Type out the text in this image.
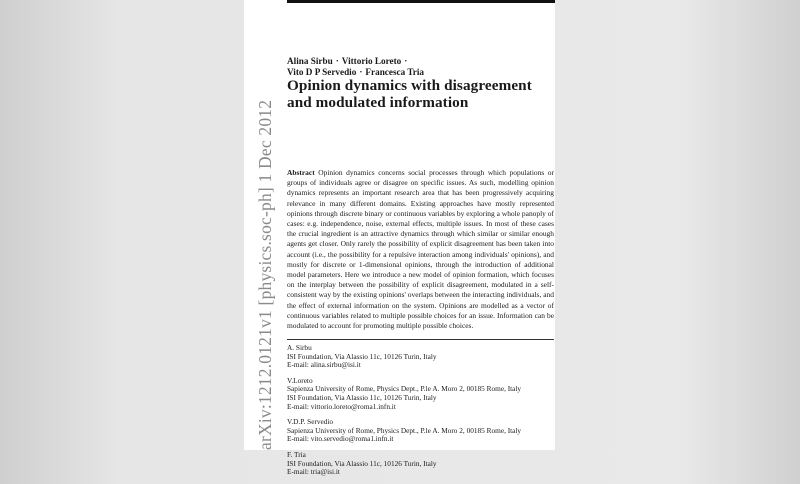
arXiv:1212.0121v1 [physics.soc-ph] 1 Dec 2012
Alina Sirbu · Vittorio Loreto ·
Vito D P Servedio · Francesca Tria
Opinion dynamics with disagreement and modulated information
Abstract Opinion dynamics concerns social processes through which populations or groups of individuals agree or disagree on specific issues. As such, modelling opinion dynamics represents an important research area that has been progressively acquiring relevance in many different domains. Existing approaches have mostly represented opinions through discrete binary or continuous variables by exploring a whole panoply of cases: e.g. independence, noise, external effects, multiple issues. In most of these cases the crucial ingredient is an attractive dynamics through which similar or similar enough agents get closer. Only rarely the possibility of explicit disagreement has been taken into account (i.e., the possibility for a repulsive interaction among individuals' opinions), and mostly for discrete or 1-dimensional opinions, through the introduction of additional model parameters. Here we introduce a new model of opinion formation, which focuses on the interplay between the possibility of explicit disagreement, modulated in a self-consistent way by the existing opinions' overlaps between the interacting individuals, and the effect of external information on the system. Opinions are modelled as a vector of continuous variables related to multiple possible choices for an issue. Information can be modulated to account for promoting multiple possible choices.
A. Sirbu
ISI Foundation, Via Alassio 11c, 10126 Turin, Italy
E-mail: alina.sirbu@isi.it
V.Loreto
Sapienza University of Rome, Physics Dept., P.le A. Moro 2, 00185 Rome, Italy
ISI Foundation, Via Alassio 11c, 10126 Turin, Italy
E-mail: vittorio.loreto@roma1.infn.it
V.D.P. Servedio
Sapienza University of Rome, Physics Dept., P.le A. Moro 2, 00185 Rome, Italy
E-mail: vito.servedio@roma1.infn.it
F. Tria
ISI Foundation, Via Alassio 11c, 10126 Turin, Italy
E-mail: tria@isi.it
